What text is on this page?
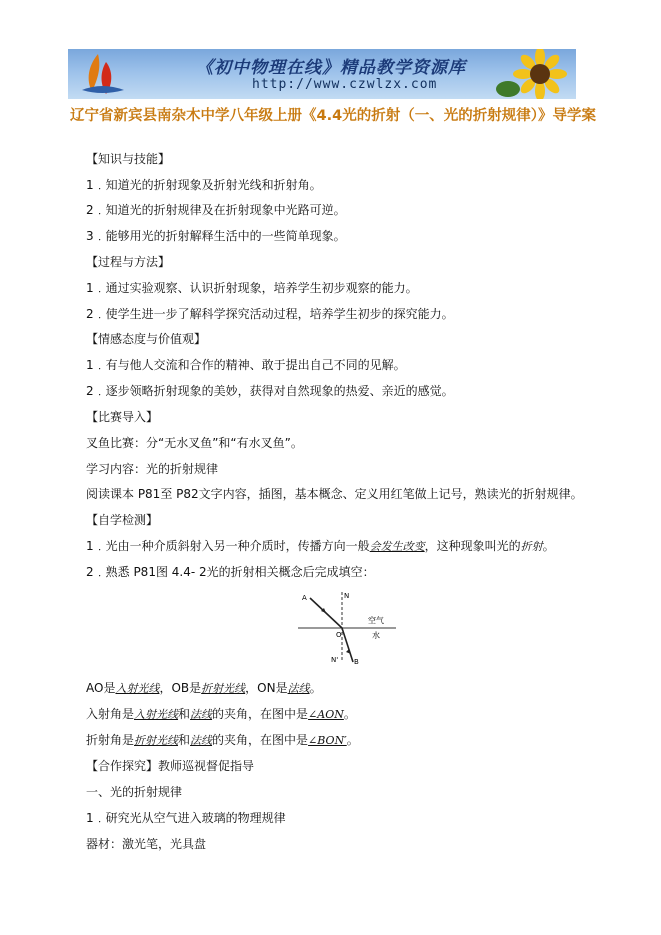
《初中物理在线》精品教学资源库
http://www.czwlzx.com
辽宁省新宾县南杂木中学八年级上册《4.4光的折射（一、光的折射规律）》导学案
【知识与技能】
1﹒知道光的折射现象及折射光线和折射角。
2﹒知道光的折射规律及在折射现象中光路可逆。
3﹒能够用光的折射解释生活中的一些简单现象。
【过程与方法】
1﹒通过实验观察、认识折射现象，培养学生初步观察的能力。
2﹒使学生进一步了解科学探究活动过程，培养学生初步的探究能力。
【情感态度与价值观】
1﹒有与他人交流和合作的精神、敢于提出自己不同的见解。
2﹒逐步领略折射现象的美妙，获得对自然现象的热爱、亲近的感觉。
【比赛导入】
叉鱼比赛：分“无水叉鱼”和“有水叉鱼”。
学习内容：光的折射规律
阅读课本 P81至 P82文字内容，插图，基本概念、定义用红笔做上记号，熟读光的折射规律。
【自学检测】
1﹒光由一种介质斜射入另一种介质时，传播方向一般会发生改变，这种现象叫光的折射。
2﹒熟悉 P81图 4.4- 2光的折射相关概念后完成填空：
A	N
O
N' B
空气
水
AO是入射光线，OB是折射光线，ON是法线。
入射角是入射光线和法线的夹角，在图中是∠AON。
折射角是折射光线和法线的夹角，在图中是∠BON′。
【合作探究】教师巡视督促指导
一、光的折射规律
1﹒研究光从空气进入玻璃的物理规律
器材：激光笔，光具盘
